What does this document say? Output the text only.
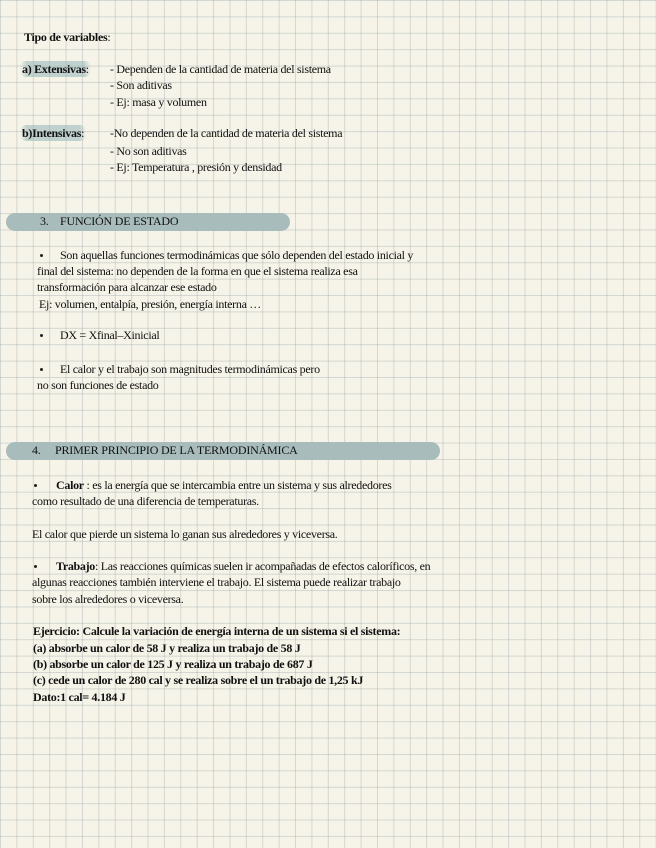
Tipo de variables:
a) Extensivas: - Dependen de la cantidad de materia del sistema
- Son aditivas
- Ej: masa y volumen
b)Intensivas: -No dependen de la cantidad de materia del sistema
- No son aditivas
- Ej: Temperatura , presión y densidad
3. FUNCIÓN DE ESTADO
Son aquellas funciones termodinámicas que sólo dependen del estado inicial y
final del sistema: no dependen de la forma en que el sistema realiza esa
transformación para alcanzar ese estado
Ej: volumen, entalpía, presión, energía interna …
DX = Xfinal–Xinicial
El calor y el trabajo son magnitudes termodinámicas pero
no son funciones de estado
4. PRIMER PRINCIPIO DE LA TERMODINÁMICA
Calor : es la energía que se intercambia entre un sistema y sus alrededores
como resultado de una diferencia de temperaturas.
El calor que pierde un sistema lo ganan sus alrededores y viceversa.
Trabajo: Las reacciones químicas suelen ir acompañadas de efectos caloríficos, en
algunas reacciones también interviene el trabajo. El sistema puede realizar trabajo
sobre los alrededores o viceversa.
Ejercicio: Calcule la variación de energía interna de un sistema si el sistema:
(a) absorbe un calor de 58 J y realiza un trabajo de 58 J
(b) absorbe un calor de 125 J y realiza un trabajo de 687 J
(c) cede un calor de 280 cal y se realiza sobre el un trabajo de 1,25 kJ
Dato:1 cal= 4.184 J
